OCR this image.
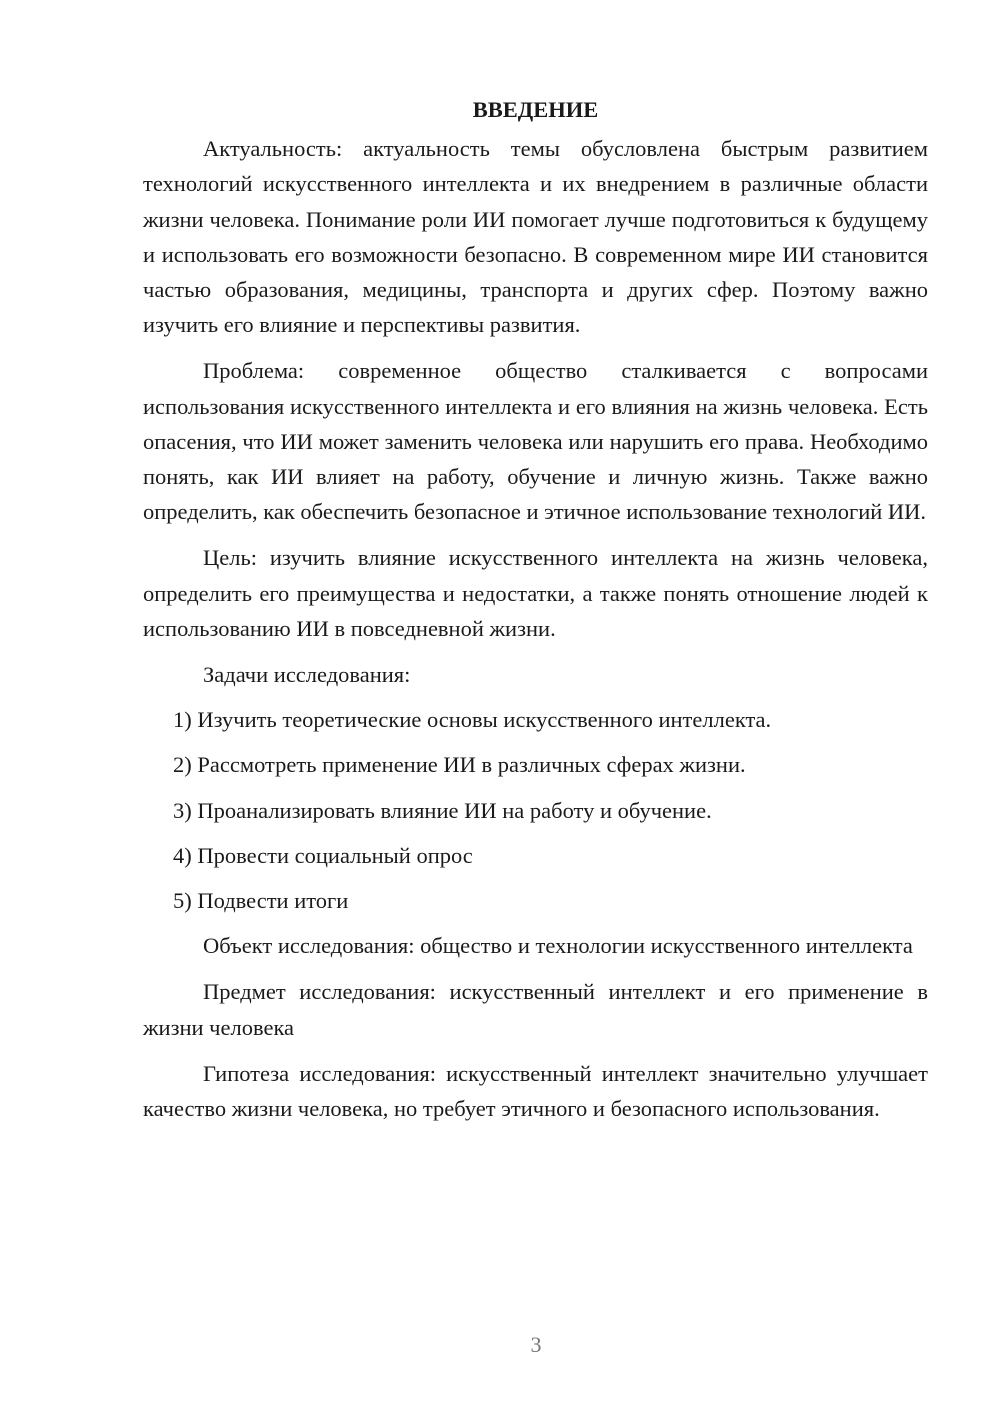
ВВЕДЕНИЕ

Актуальность: актуальность темы обусловлена быстрым развитием технологий искусственного интеллекта и их внедрением в различные области жизни человека. Понимание роли ИИ помогает лучше подготовиться к будущему и использовать его возможности безопасно. В современном мире ИИ становится частью образования, медицины, транспорта и других сфер. Поэтому важно изучить его влияние и перспективы развития.

Проблема: современное общество сталкивается с вопросами использования искусственного интеллекта и его влияния на жизнь человека. Есть опасения, что ИИ может заменить человека или нарушить его права. Необходимо понять, как ИИ влияет на работу, обучение и личную жизнь. Также важно определить, как обеспечить безопасное и этичное использование технологий ИИ.

Цель: изучить влияние искусственного интеллекта на жизнь человека, определить его преимущества и недостатки, а также понять отношение людей к использованию ИИ в повседневной жизни.

Задачи исследования:

1) Изучить теоретические основы искусственного интеллекта.

2) Рассмотреть применение ИИ в различных сферах жизни.

3) Проанализировать влияние ИИ на работу и обучение.

4) Провести социальный опрос

5) Подвести итоги

Объект исследования: общество и технологии искусственного интеллекта

Предмет исследования: искусственный интеллект и его применение в жизни человека

Гипотеза исследования: искусственный интеллект значительно улучшает качество жизни человека, но требует этичного и безопасного использования.

3
